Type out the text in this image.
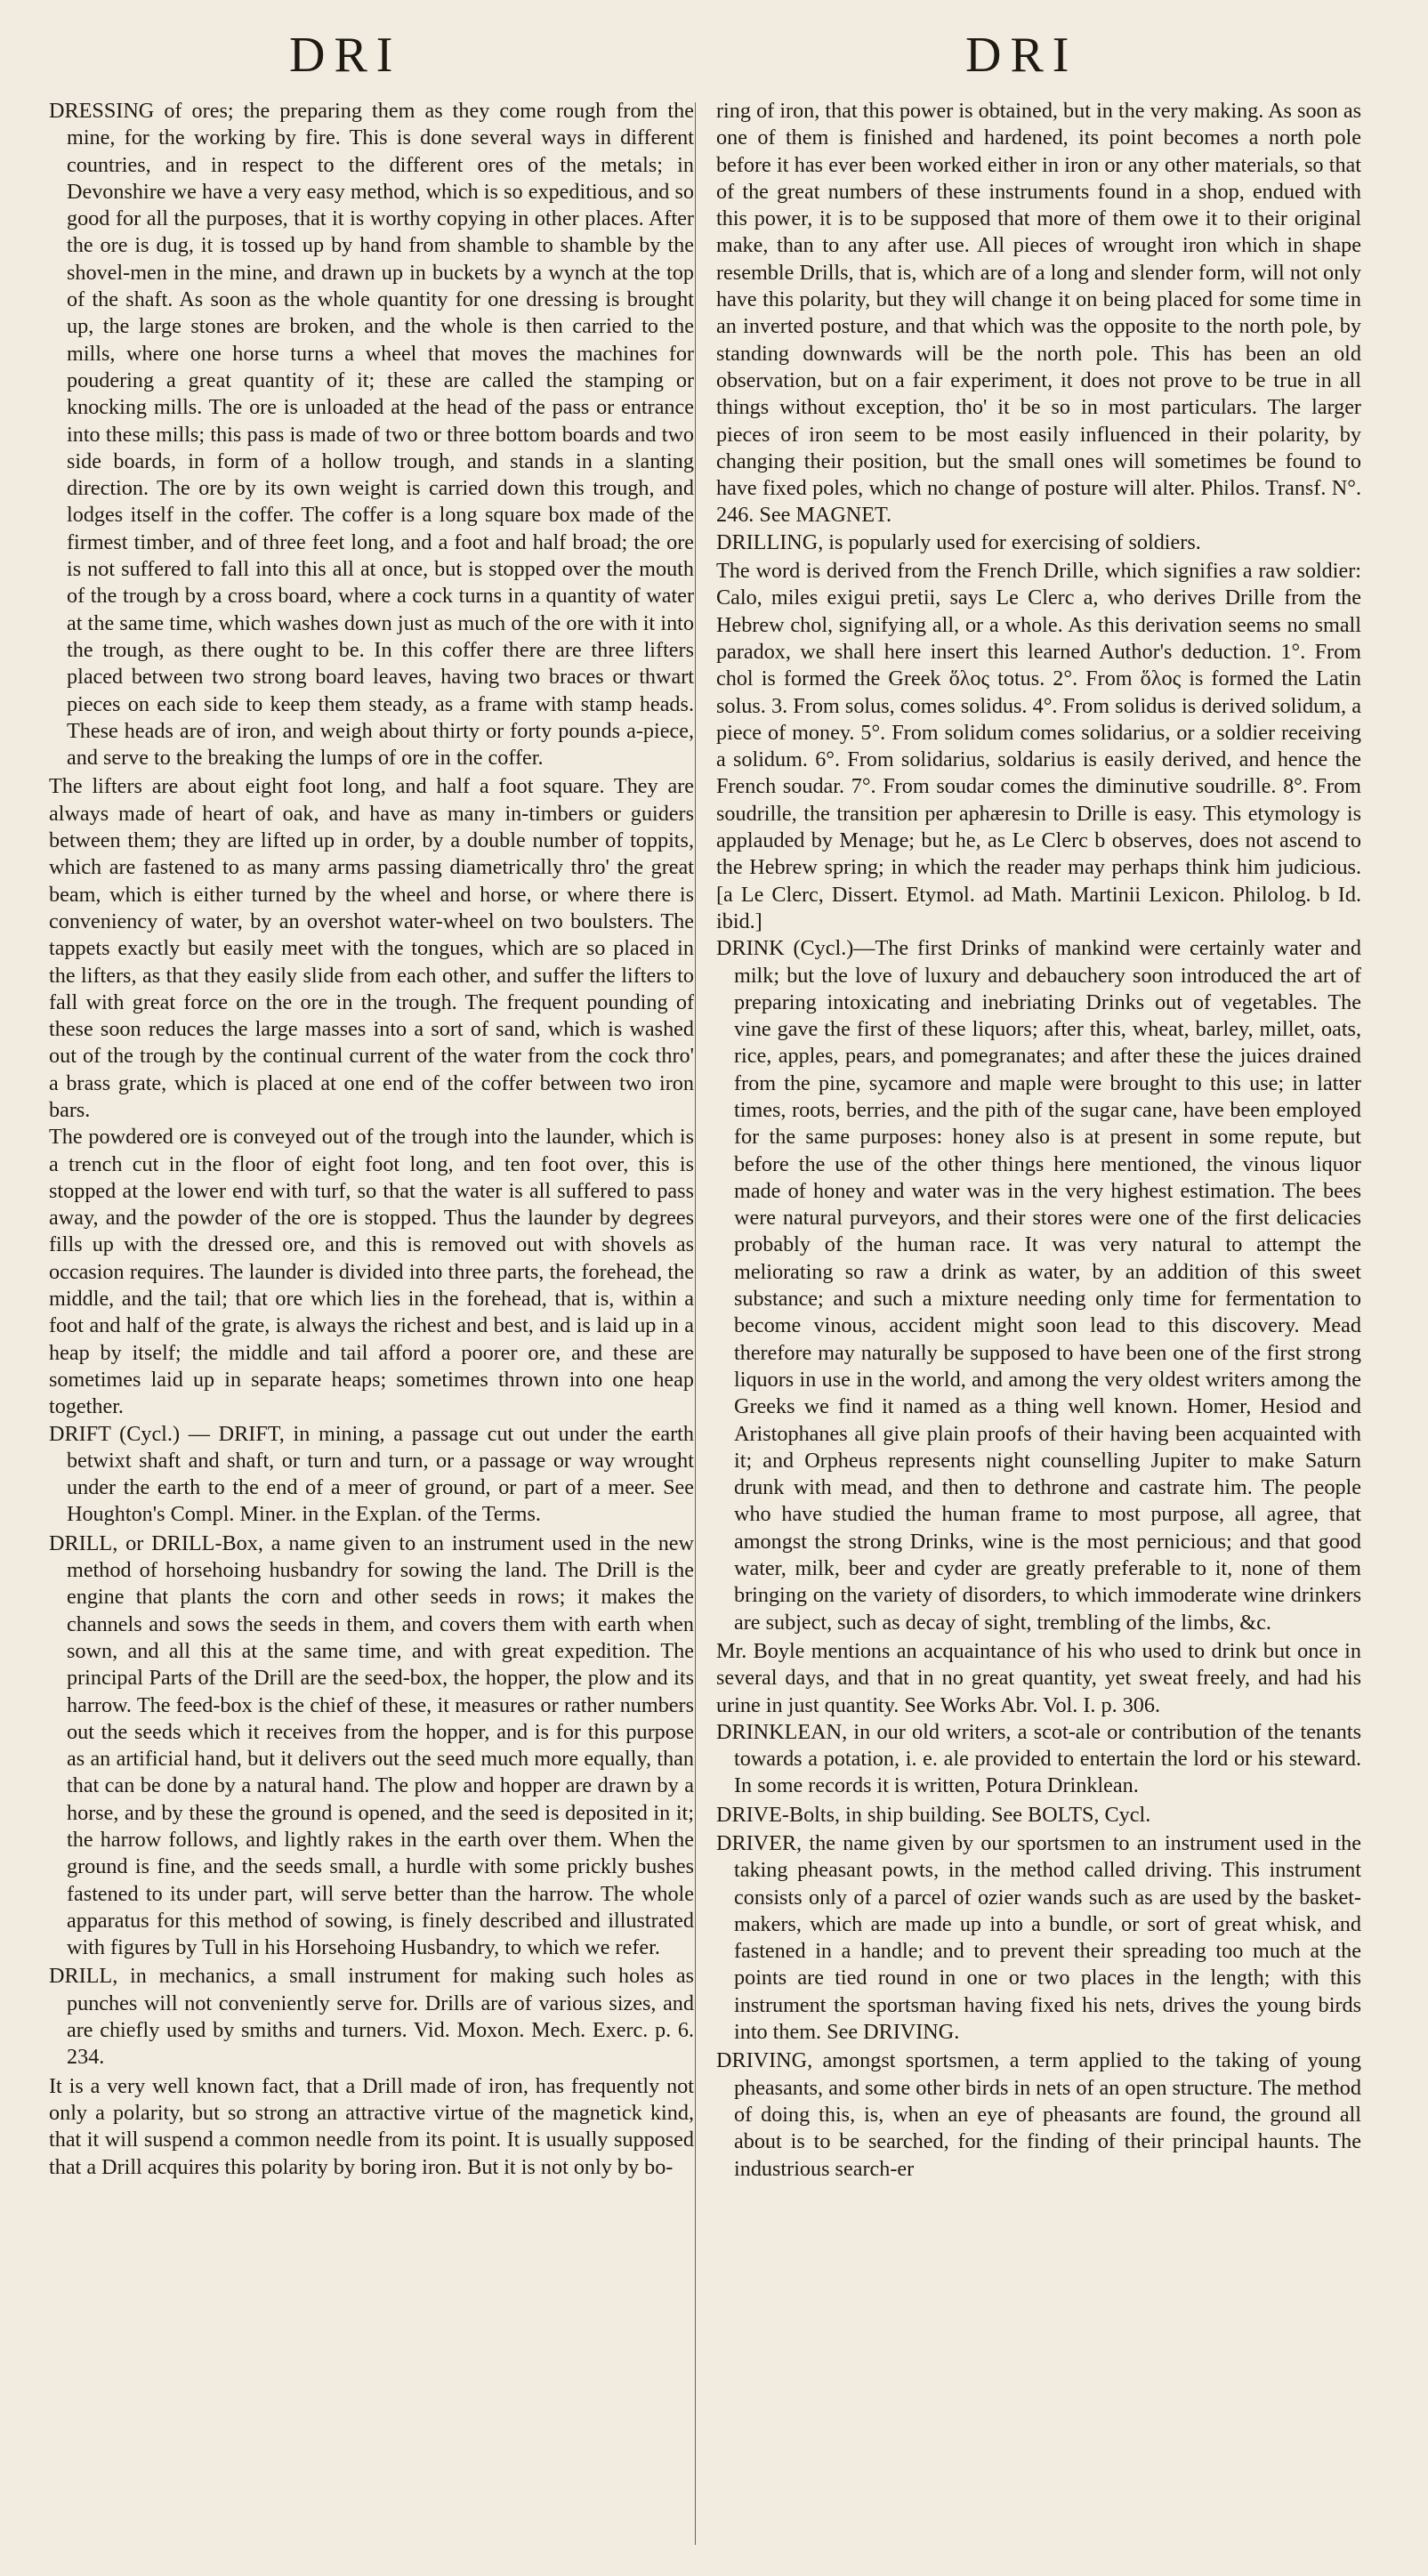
DRI	DRI

DRESSING of ores; the preparing them as they come rough from the mine, for the working by fire. This is done several ways in different countries, and in respect to the different ores of the metals; in Devonshire we have a very easy method, which is so expeditious, and so good for all the purposes, that it is worthy copying in other places. After the ore is dug, it is tossed up by hand from shamble to shamble by the shovel-men in the mine, and drawn up in buckets by a wynch at the top of the shaft. As soon as the whole quantity for one dressing is brought up, the large stones are broken, and the whole is then carried to the mills, where one horse turns a wheel that moves the machines for poudering a great quantity of it; these are called the stamping or knocking mills. The ore is unloaded at the head of the pass or entrance into these mills; this pass is made of two or three bottom boards and two side boards, in form of a hollow trough, and stands in a slanting direction. The ore by its own weight is carried down this trough, and lodges itself in the coffer. The coffer is a long square box made of the firmest timber, and of three feet long, and a foot and half broad; the ore is not suffered to fall into this all at once, but is stopped over the mouth of the trough by a cross board, where a cock turns in a quantity of water at the same time, which washes down just as much of the ore with it into the trough, as there ought to be. In this coffer there are three lifters placed between two strong board leaves, having two braces or thwart pieces on each side to keep them steady, as a frame with stamp heads. These heads are of iron, and weigh about thirty or forty pounds a-piece, and serve to the breaking the lumps of ore in the coffer.

The lifters are about eight foot long, and half a foot square. They are always made of heart of oak, and have as many in-timbers or guiders between them; they are lifted up in order, by a double number of toppits, which are fastened to as many arms passing diametrically thro' the great beam, which is either turned by the wheel and horse, or where there is conveniency of water, by an overshot water-wheel on two boulsters. The tappets exactly but easily meet with the tongues, which are so placed in the lifters, as that they easily slide from each other, and suffer the lifters to fall with great force on the ore in the trough. The frequent pounding of these soon reduces the large masses into a sort of sand, which is washed out of the trough by the continual current of the water from the cock thro' a brass grate, which is placed at one end of the coffer between two iron bars.

The powdered ore is conveyed out of the trough into the launder, which is a trench cut in the floor of eight foot long, and ten foot over, this is stopped at the lower end with turf, so that the water is all suffered to pass away, and the powder of the ore is stopped. Thus the launder by degrees fills up with the dressed ore, and this is removed out with shovels as occasion requires. The launder is divided into three parts, the forehead, the middle, and the tail; that ore which lies in the forehead, that is, within a foot and half of the grate, is always the richest and best, and is laid up in a heap by itself; the middle and tail afford a poorer ore, and these are sometimes laid up in separate heaps; sometimes thrown into one heap together.

DRIFT (Cycl.) — DRIFT, in mining, a passage cut out under the earth betwixt shaft and shaft, or turn and turn, or a passage or way wrought under the earth to the end of a meer of ground, or part of a meer. See Houghton's Compl. Miner. in the Explan. of the Terms.

DRILL, or DRILL-Box, a name given to an instrument used in the new method of horsehoing husbandry for sowing the land. The Drill is the engine that plants the corn and other seeds in rows; it makes the channels and sows the seeds in them, and covers them with earth when sown, and all this at the same time, and with great expedition. The principal Parts of the Drill are the seed-box, the hopper, the plow and its harrow. The feed-box is the chief of these, it measures or rather numbers out the seeds which it receives from the hopper, and is for this purpose as an artificial hand, but it delivers out the seed much more equally, than that can be done by a natural hand. The plow and hopper are drawn by a horse, and by these the ground is opened, and the seed is deposited in it; the harrow follows, and lightly rakes in the earth over them. When the ground is fine, and the seeds small, a hurdle with some prickly bushes fastened to its under part, will serve better than the harrow. The whole apparatus for this method of sowing, is finely described and illustrated with figures by Tull in his Horsehoing Husbandry, to which we refer.

DRILL, in mechanics, a small instrument for making such holes as punches will not conveniently serve for. Drills are of various sizes, and are chiefly used by smiths and turners. Vid. Moxon. Mech. Exerc. p. 6. 234.

It is a very well known fact, that a Drill made of iron, has frequently not only a polarity, but so strong an attractive virtue of the magnetick kind, that it will suspend a common needle from its point. It is usually supposed that a Drill acquires this polarity by boring iron. But it is not only by bo-

ring of iron, that this power is obtained, but in the very making. As soon as one of them is finished and hardened, its point becomes a north pole before it has ever been worked either in iron or any other materials, so that of the great numbers of these instruments found in a shop, endued with this power, it is to be supposed that more of them owe it to their original make, than to any after use. All pieces of wrought iron which in shape resemble Drills, that is, which are of a long and slender form, will not only have this polarity, but they will change it on being placed for some time in an inverted posture, and that which was the opposite to the north pole, by standing downwards will be the north pole. This has been an old observation, but on a fair experiment, it does not prove to be true in all things without exception, tho' it be so in most particulars. The larger pieces of iron seem to be most easily influenced in their polarity, by changing their position, but the small ones will sometimes be found to have fixed poles, which no change of posture will alter. Philos. Transf. N°. 246. See MAGNET.

DRILLING, is popularly used for exercising of soldiers.

The word is derived from the French Drille, which signifies a raw soldier: Calo, miles exigui pretii, says Le Clerc a, who derives Drille from the Hebrew chol, signifying all, or a whole. As this derivation seems no small paradox, we shall here insert this learned Author's deduction. 1°. From chol is formed the Greek ὅλος totus. 2°. From ὅλος is formed the Latin solus. 3. From solus, comes solidus. 4°. From solidus is derived solidum, a piece of money. 5°. From solidum comes solidarius, or a soldier receiving a solidum. 6°. From solidarius, soldarius is easily derived, and hence the French soudar. 7°. From soudar comes the diminutive soudrille. 8°. From soudrille, the transition per aphæresin to Drille is easy. This etymology is applauded by Menage; but he, as Le Clerc b observes, does not ascend to the Hebrew spring; in which the reader may perhaps think him judicious. [a Le Clerc, Dissert. Etymol. ad Math. Martinii Lexicon. Philolog. b Id. ibid.]

DRINK (Cycl.)—The first Drinks of mankind were certainly water and milk; but the love of luxury and debauchery soon introduced the art of preparing intoxicating and inebriating Drinks out of vegetables. The vine gave the first of these liquors; after this, wheat, barley, millet, oats, rice, apples, pears, and pomegranates; and after these the juices drained from the pine, sycamore and maple were brought to this use; in latter times, roots, berries, and the pith of the sugar cane, have been employed for the same purposes: honey also is at present in some repute, but before the use of the other things here mentioned, the vinous liquor made of honey and water was in the very highest estimation. The bees were natural purveyors, and their stores were one of the first delicacies probably of the human race. It was very natural to attempt the meliorating so raw a drink as water, by an addition of this sweet substance; and such a mixture needing only time for fermentation to become vinous, accident might soon lead to this discovery. Mead therefore may naturally be supposed to have been one of the first strong liquors in use in the world, and among the very oldest writers among the Greeks we find it named as a thing well known. Homer, Hesiod and Aristophanes all give plain proofs of their having been acquainted with it; and Orpheus represents night counselling Jupiter to make Saturn drunk with mead, and then to dethrone and castrate him. The people who have studied the human frame to most purpose, all agree, that amongst the strong Drinks, wine is the most pernicious; and that good water, milk, beer and cyder are greatly preferable to it, none of them bringing on the variety of disorders, to which immoderate wine drinkers are subject, such as decay of sight, trembling of the limbs, &c.

Mr. Boyle mentions an acquaintance of his who used to drink but once in several days, and that in no great quantity, yet sweat freely, and had his urine in just quantity. See Works Abr. Vol. I. p. 306.

DRINKLEAN, in our old writers, a scot-ale or contribution of the tenants towards a potation, i. e. ale provided to entertain the lord or his steward. In some records it is written, Potura Drinklean.

DRIVE-Bolts, in ship building. See BOLTS, Cycl.

DRIVER, the name given by our sportsmen to an instrument used in the taking pheasant powts, in the method called driving. This instrument consists only of a parcel of ozier wands such as are used by the basket-makers, which are made up into a bundle, or sort of great whisk, and fastened in a handle; and to prevent their spreading too much at the points are tied round in one or two places in the length; with this instrument the sportsman having fixed his nets, drives the young birds into them. See DRIVING.

DRIVING, amongst sportsmen, a term applied to the taking of young pheasants, and some other birds in nets of an open structure. The method of doing this, is, when an eye of pheasants are found, the ground all about is to be searched, for the finding of their principal haunts. The industrious search-er
